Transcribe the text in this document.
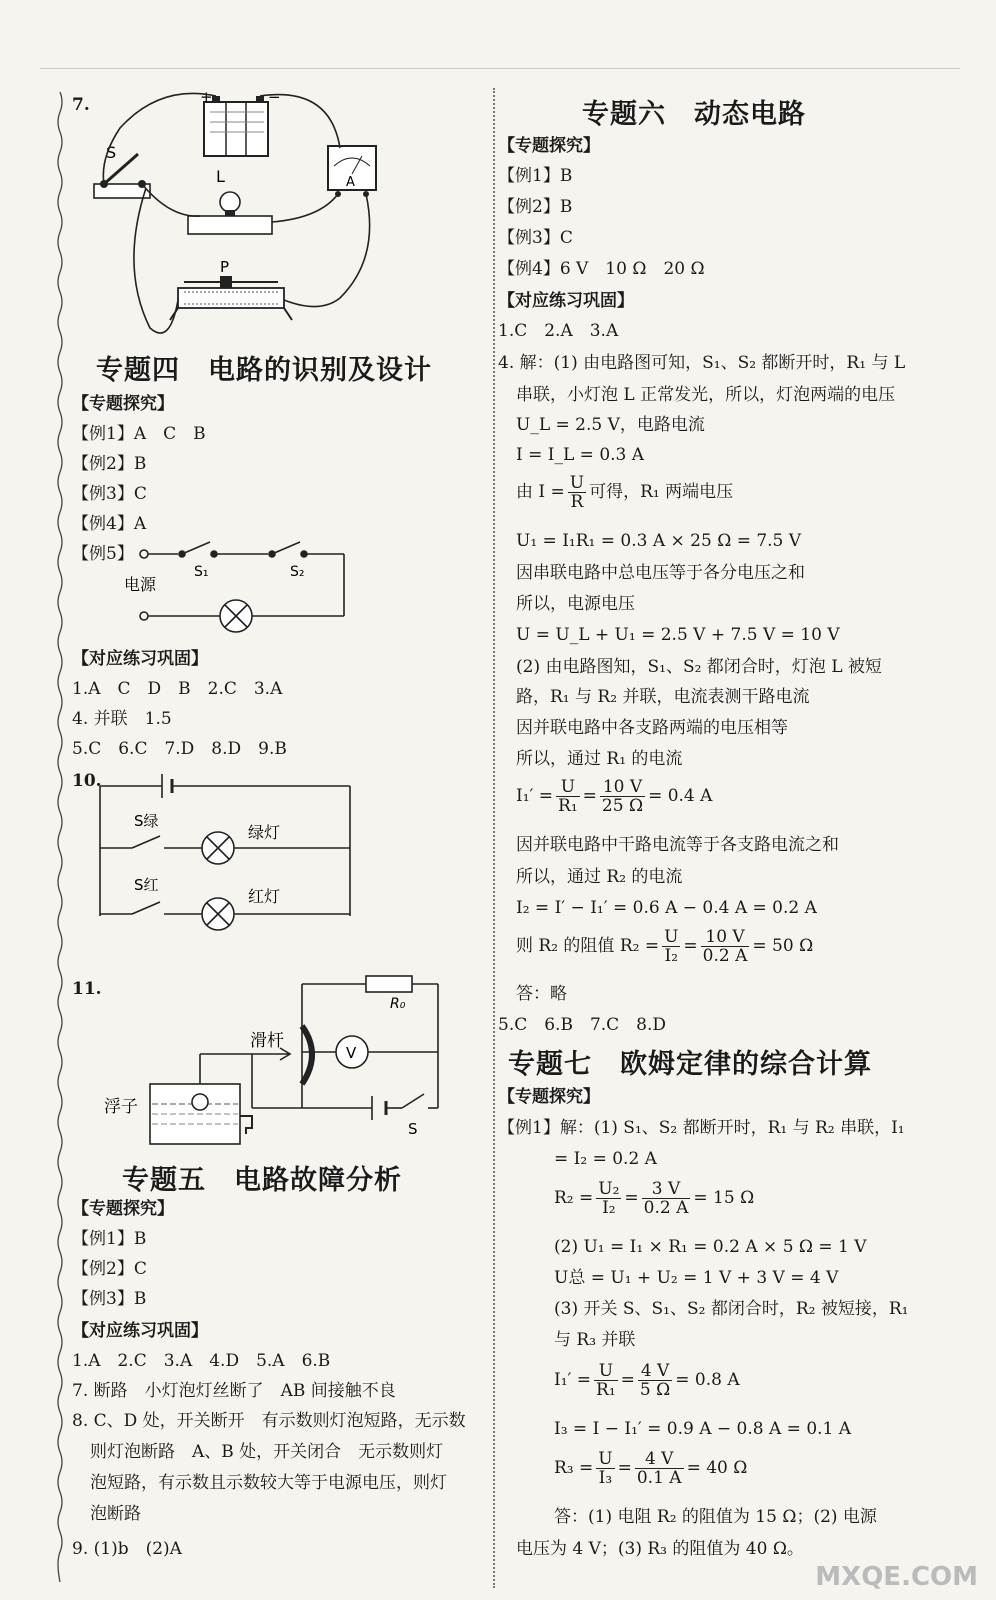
7.	+	−
S
A
L
P
专题四　电路的识别及设计
【专题探究】
【例1】A　C　B
【例2】B
【例3】C
【例4】A
【例5】
电源
S₁	S₂
【对应练习巩固】
1.A　C　D　B　2.C　3.A
4. 并联　1.5
5.C　6.C　7.D　8.D　9.B
10.
S绿
S红
绿灯
红灯
11.
V
浮子
滑杆
R₀
S
专题五　电路故障分析
【专题探究】
【例1】B
【例2】C
【例3】B
【对应练习巩固】
1.A　2.C　3.A　4.D　5.A　6.B
7. 断路　小灯泡灯丝断了　AB 间接触不良
8. C、D 处，开关断开　有示数则灯泡短路，无示数
则灯泡断路　A、B 处，开关闭合　无示数则灯
泡短路，有示数且示数较大等于电源电压，则灯
泡断路
9. (1)b　(2)A
专题六　动态电路
【专题探究】
【例1】B
【例2】B
【例3】C
【例4】6 V　10 Ω　20 Ω
【对应练习巩固】
1.C　2.A　3.A
4. 解：(1) 由电路图可知，S₁、S₂ 都断开时，R₁ 与 L
串联，小灯泡 L 正常发光，所以，灯泡两端的电压
U_L = 2.5 V，电路电流
I = I_L = 0.3 A
由 $I = \frac{U}{R}$ 可得，R₁ 两端电压
U₁ = I₁R₁ = 0.3 A × 25 Ω = 7.5 V
因串联电路中总电压等于各分电压之和
所以，电源电压
U = U_L + U₁ = 2.5 V + 7.5 V = 10 V
(2) 由电路图知，S₁、S₂ 都闭合时，灯泡 L 被短
路，R₁ 与 R₂ 并联，电流表测干路电流
因并联电路中各支路两端的电压相等
所以，通过 R₁ 的电流
$I_1' = \frac{U}{\text{R₁}} = \frac{10 V}{25 \Omega} = 0.4$ A
因并联电路中干路电流等于各支路电流之和
所以，通过 R₂ 的电流
I₂ = I′ − I₁′ = 0.6 A − 0.4 A = 0.2 A
则 R₂ 的阻值 $R_2 = \frac{U}{\text{I₂}} = \frac{10 V}{0.2 A} = 50$ Ω
答：略
5.C　6.B　7.C　8.D
专题七　欧姆定律的综合计算
【专题探究】
【例1】解：(1) S₁、S₂ 都断开时，R₁ 与 R₂ 串联，I₁
= I₂ = 0.2 A
$R_2 = \frac{\text{U₂}}{\text{I₂}} = \frac{3 V}{0.2 A} = 15$ Ω
(2) U₁ = I₁ × R₁ = 0.2 A × 5 Ω = 1 V
U总 = U₁ + U₂ = 1 V + 3 V = 4 V
(3) 开关 S、S₁、S₂ 都闭合时，R₂ 被短接，R₁
与 R₃ 并联
$I_1' = \frac{U}{\text{R₁}} = \frac{4 V}{5 \Omega} = 0.8$ A
I₃ = I − I₁′ = 0.9 A − 0.8 A = 0.1 A
$R_3 = \frac{U}{\text{I₃}} = \frac{4 V}{0.1 A} = 40$ Ω
答：(1) 电阻 R₂ 的阻值为 15 Ω；(2) 电源
电压为 4 V；(3) R₃ 的阻值为 40 Ω。
MXQE.COM
